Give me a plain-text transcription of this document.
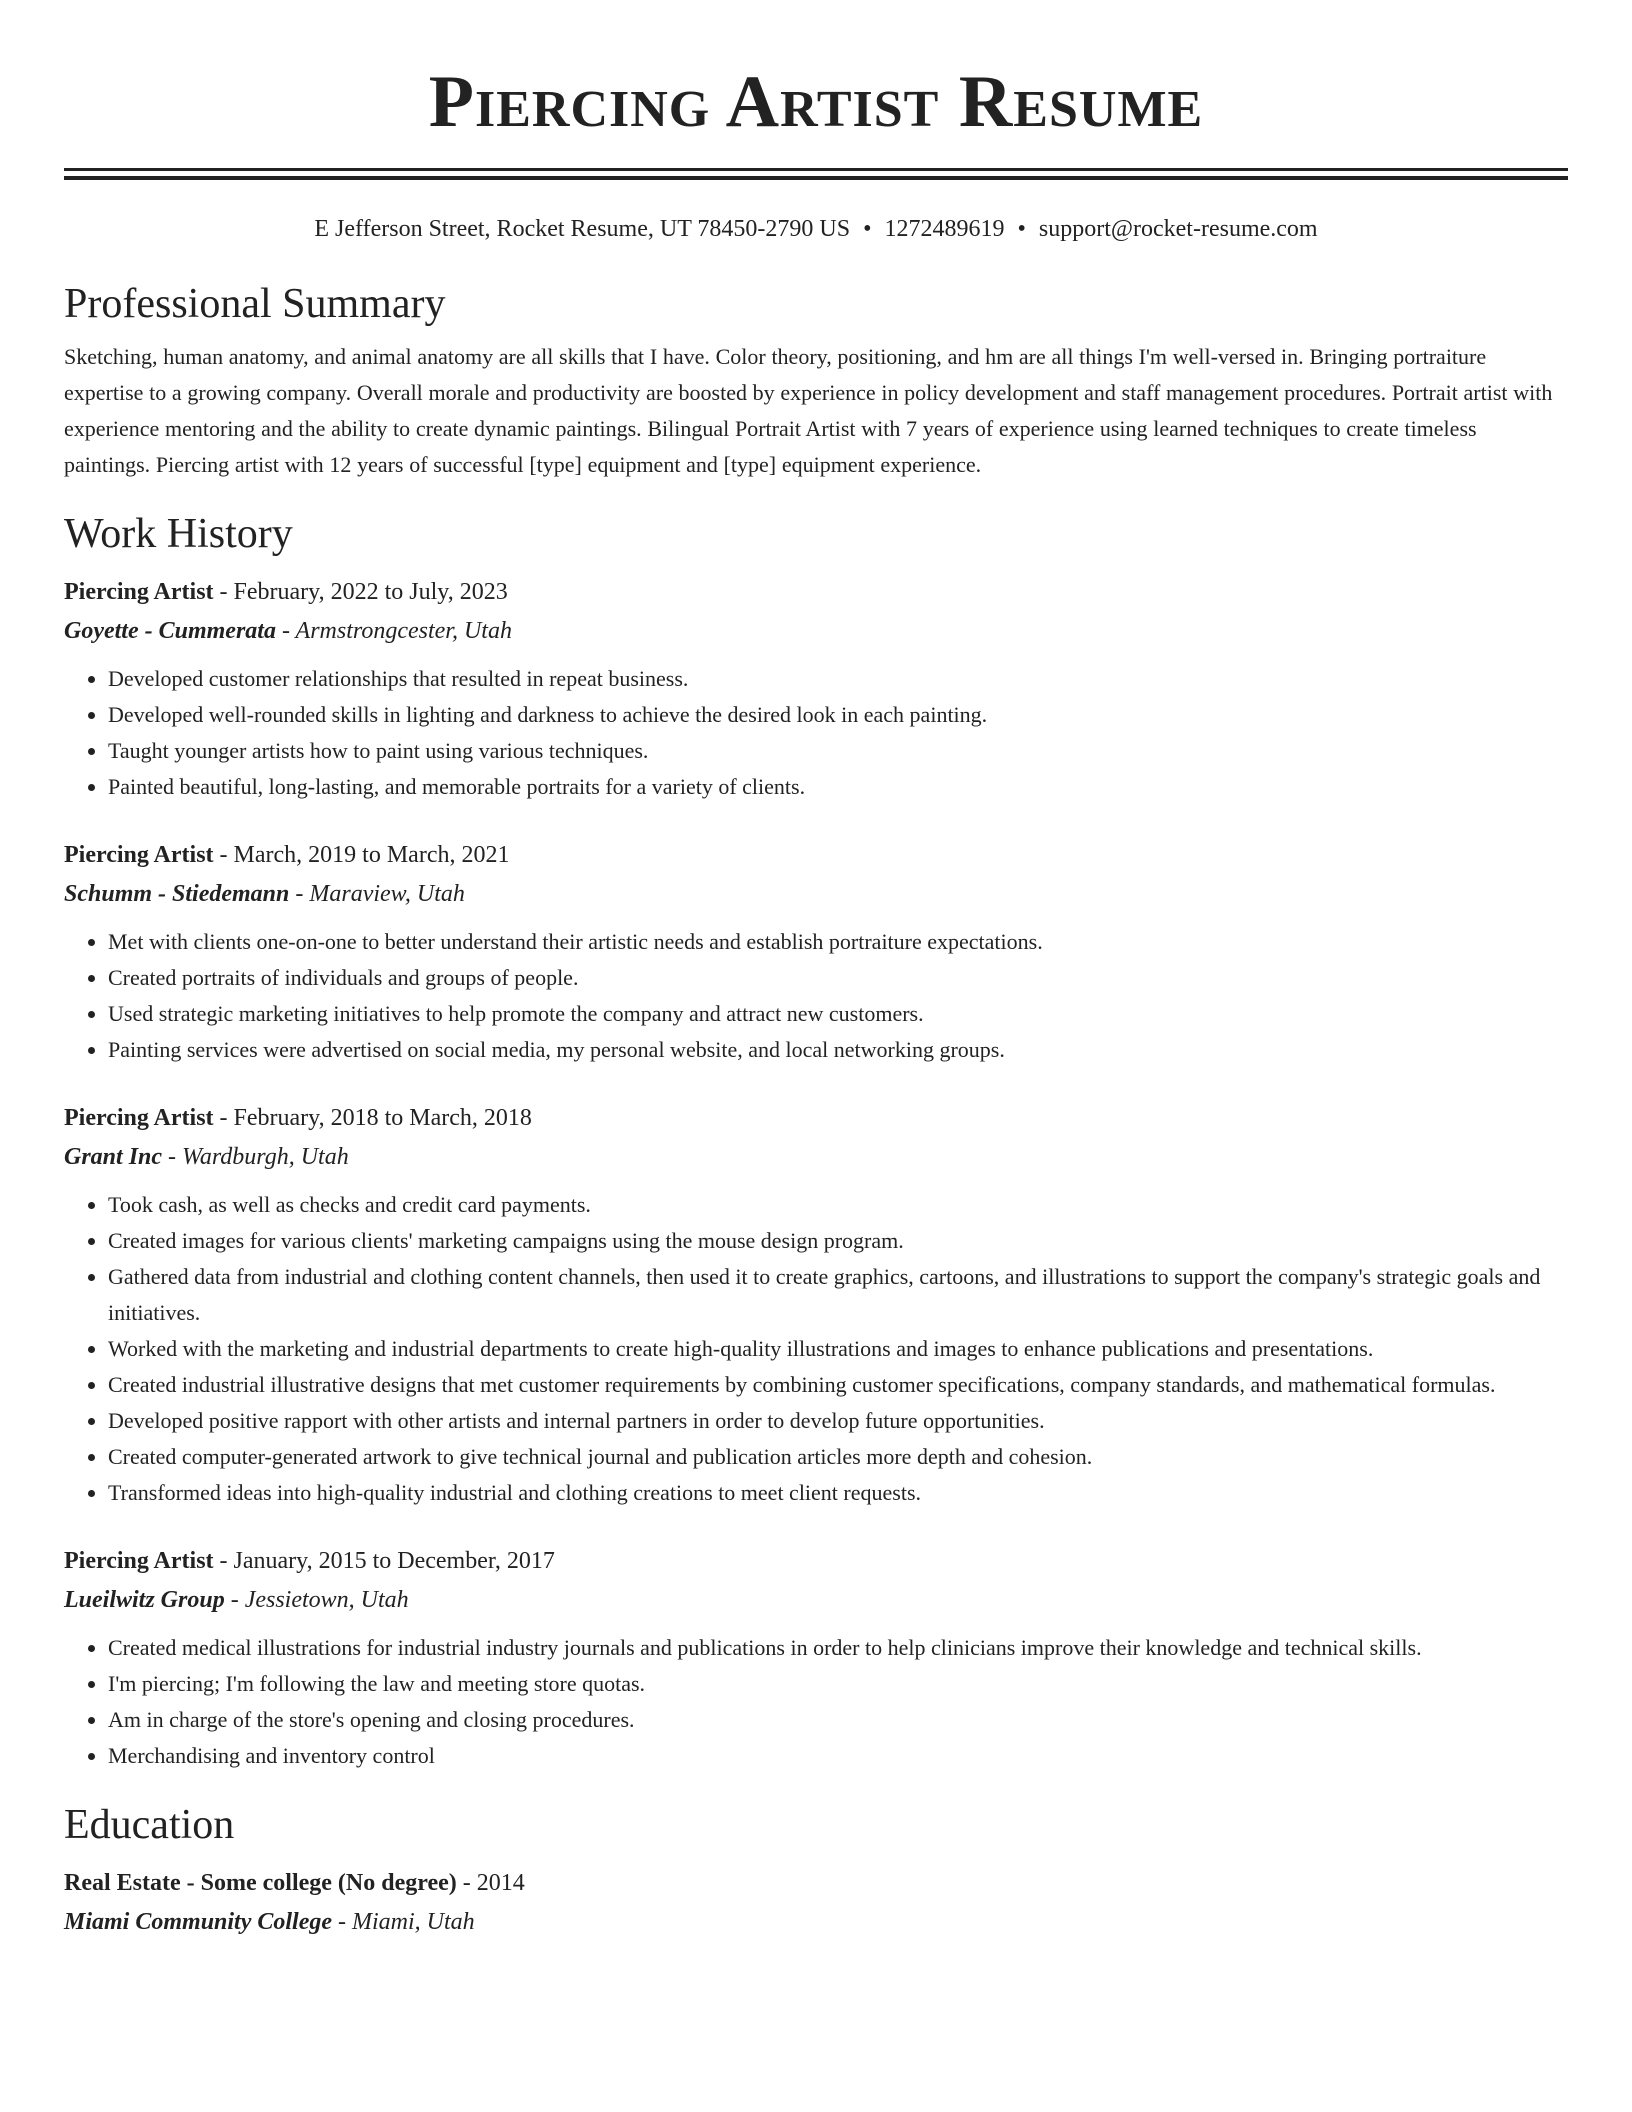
Piercing Artist Resume
E Jefferson Street, Rocket Resume, UT 78450-2790 US • 1272489619 • support@rocket-resume.com
Professional Summary
Sketching, human anatomy, and animal anatomy are all skills that I have. Color theory, positioning, and hm are all things I'm well-versed in. Bringing portraiture expertise to a growing company. Overall morale and productivity are boosted by experience in policy development and staff management procedures. Portrait artist with experience mentoring and the ability to create dynamic paintings. Bilingual Portrait Artist with 7 years of experience using learned techniques to create timeless paintings. Piercing artist with 12 years of successful [type] equipment and [type] equipment experience.
Work History
Piercing Artist - February, 2022 to July, 2023
Goyette - Cummerata - Armstrongcester, Utah
• Developed customer relationships that resulted in repeat business.
• Developed well-rounded skills in lighting and darkness to achieve the desired look in each painting.
• Taught younger artists how to paint using various techniques.
• Painted beautiful, long-lasting, and memorable portraits for a variety of clients.
Piercing Artist - March, 2019 to March, 2021
Schumm - Stiedemann - Maraview, Utah
• Met with clients one-on-one to better understand their artistic needs and establish portraiture expectations.
• Created portraits of individuals and groups of people.
• Used strategic marketing initiatives to help promote the company and attract new customers.
• Painting services were advertised on social media, my personal website, and local networking groups.
Piercing Artist - February, 2018 to March, 2018
Grant Inc - Wardburgh, Utah
• Took cash, as well as checks and credit card payments.
• Created images for various clients' marketing campaigns using the mouse design program.
• Gathered data from industrial and clothing content channels, then used it to create graphics, cartoons, and illustrations to support the company's strategic goals and initiatives.
• Worked with the marketing and industrial departments to create high-quality illustrations and images to enhance publications and presentations.
• Created industrial illustrative designs that met customer requirements by combining customer specifications, company standards, and mathematical formulas.
• Developed positive rapport with other artists and internal partners in order to develop future opportunities.
• Created computer-generated artwork to give technical journal and publication articles more depth and cohesion.
• Transformed ideas into high-quality industrial and clothing creations to meet client requests.
Piercing Artist - January, 2015 to December, 2017
Lueilwitz Group - Jessietown, Utah
• Created medical illustrations for industrial industry journals and publications in order to help clinicians improve their knowledge and technical skills.
• I'm piercing; I'm following the law and meeting store quotas.
• Am in charge of the store's opening and closing procedures.
• Merchandising and inventory control
Education
Real Estate - Some college (No degree) - 2014
Miami Community College - Miami, Utah
